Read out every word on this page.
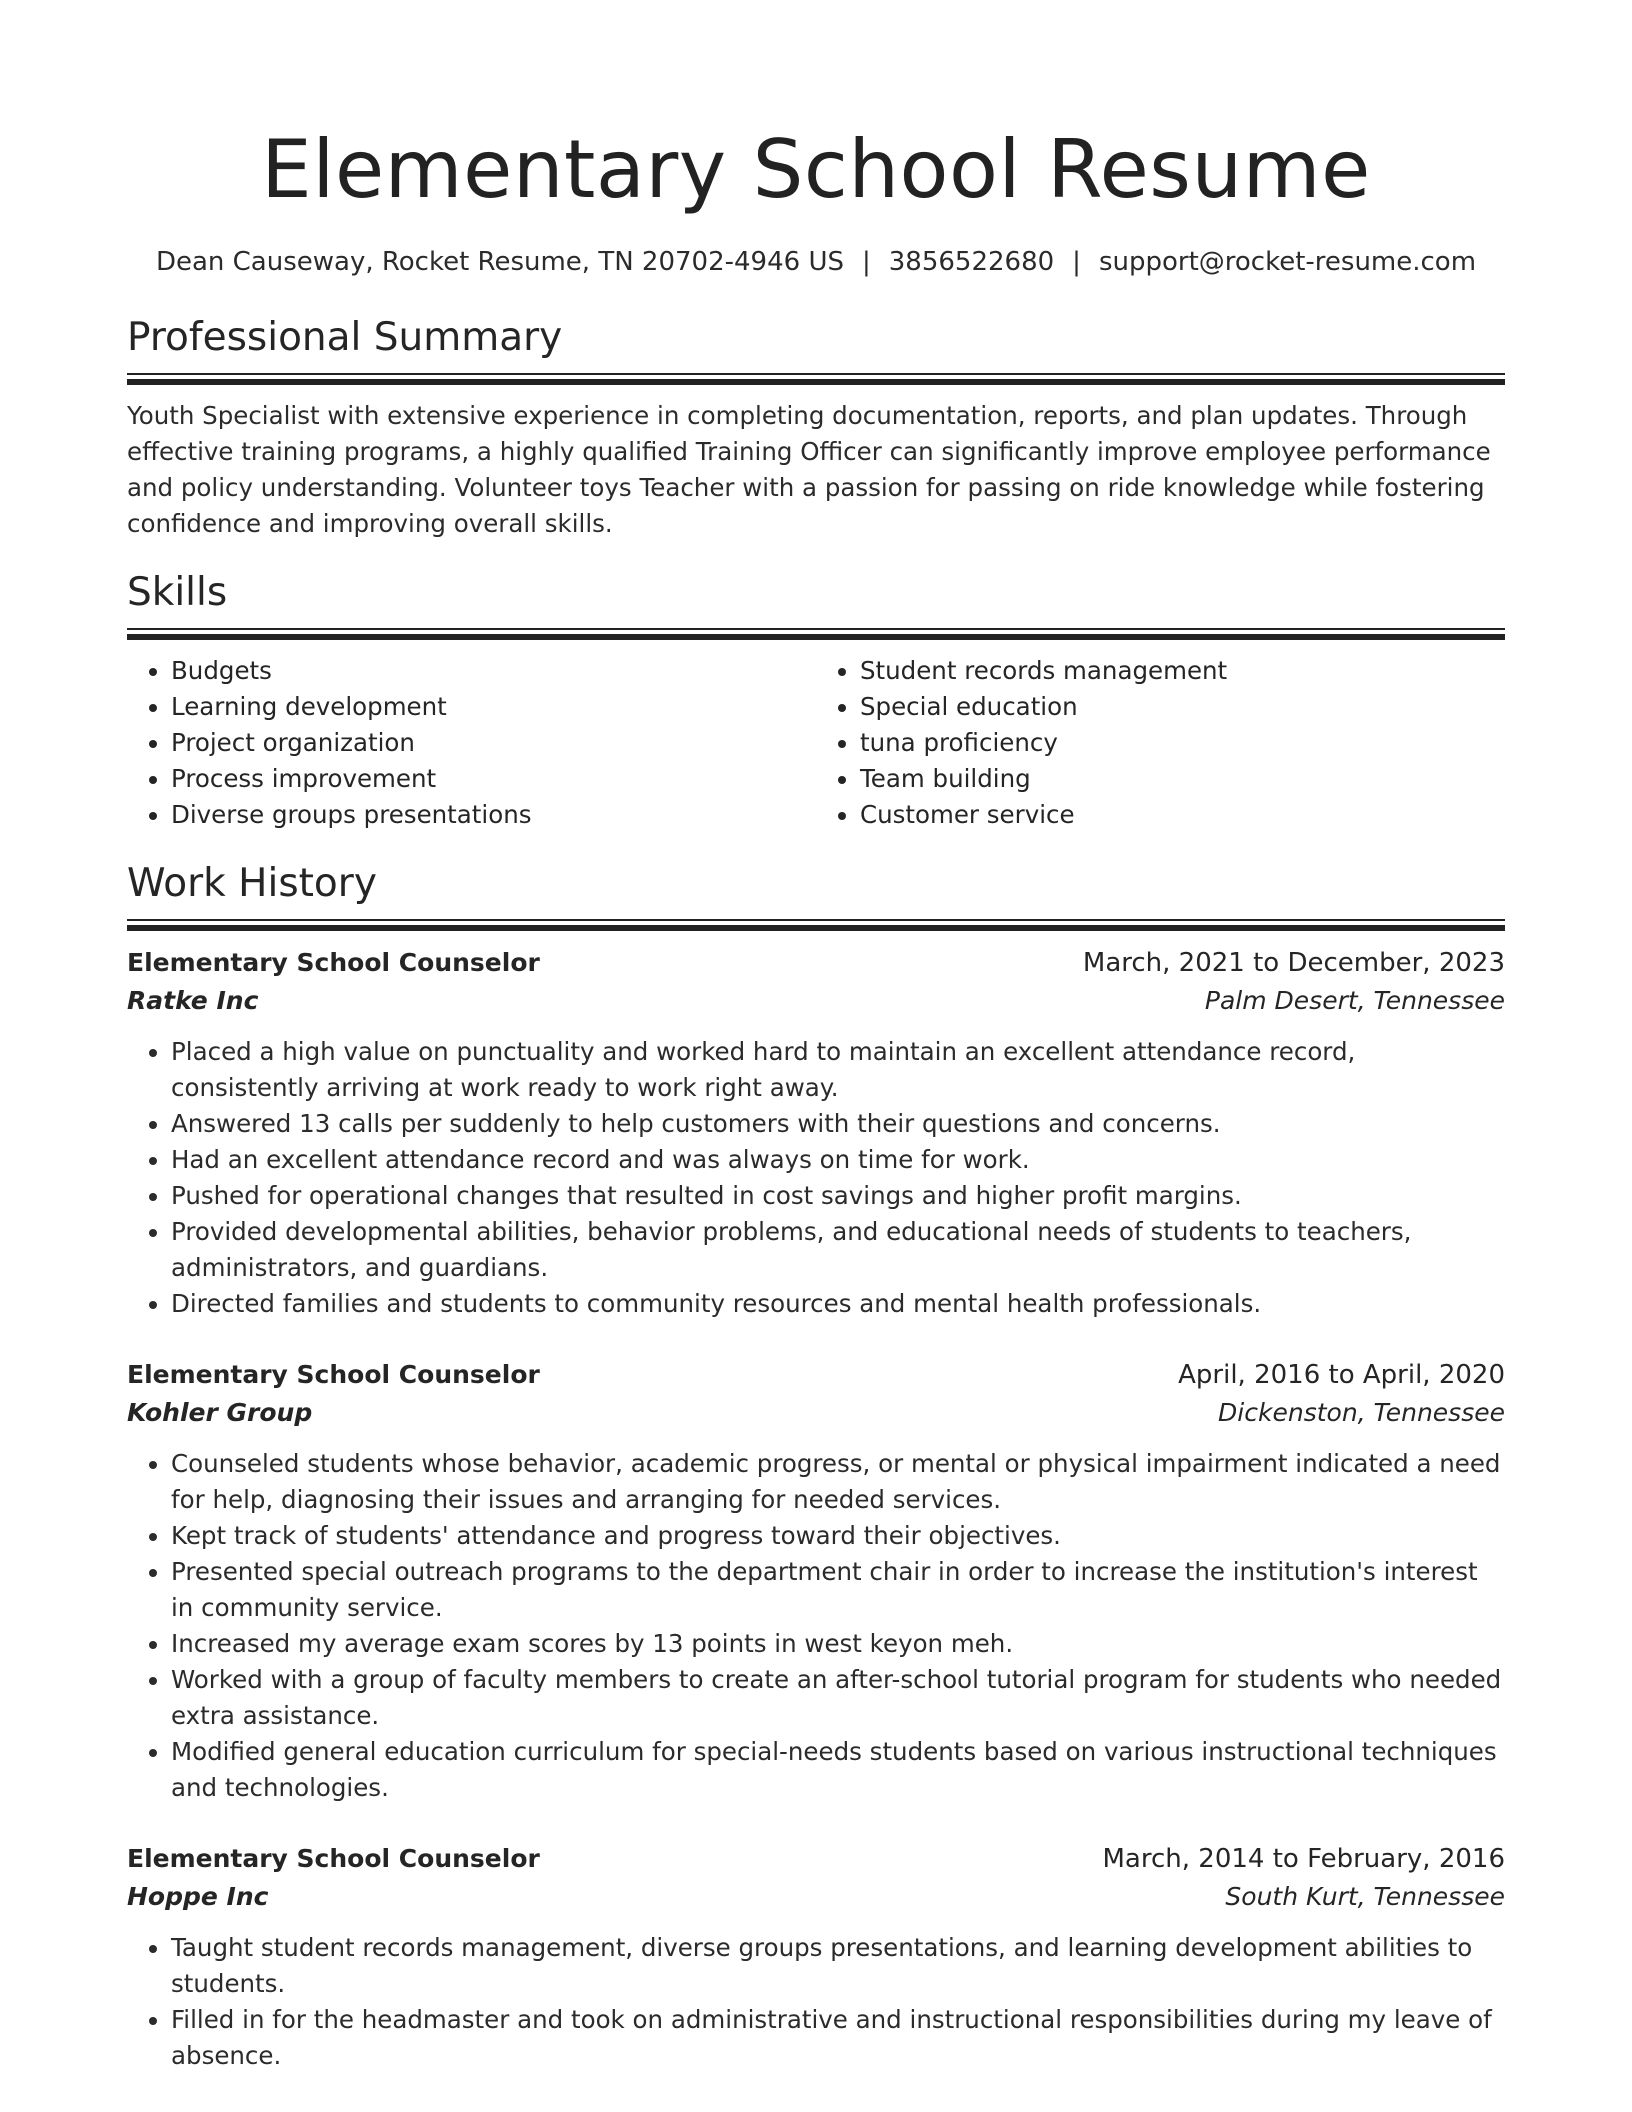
Elementary School Resume
Dean Causeway, Rocket Resume, TN 20702-4946 US | 3856522680 | support@rocket-resume.com
Professional Summary

Youth Specialist with extensive experience in completing documentation, reports, and plan updates. Through effective training programs, a highly qualified Training Officer can significantly improve employee performance and policy understanding. Volunteer toys Teacher with a passion for passing on ride knowledge while fostering confidence and improving overall skills.

Skills
• Budgets
• Learning development
• Project organization
• Process improvement
• Diverse groups presentations
• Student records management
• Special education
• tuna proficiency
• Team building
• Customer service
Work History
Elementary School Counselor	March, 2021 to December, 2023
Ratke Inc	Palm Desert, Tennessee
• Placed a high value on punctuality and worked hard to maintain an excellent attendance record, consistently arriving at work ready to work right away.
• Answered 13 calls per suddenly to help customers with their questions and concerns.
• Had an excellent attendance record and was always on time for work.
• Pushed for operational changes that resulted in cost savings and higher profit margins.
• Provided developmental abilities, behavior problems, and educational needs of students to teachers, administrators, and guardians.
• Directed families and students to community resources and mental health professionals.
Elementary School Counselor	April, 2016 to April, 2020
Kohler Group	Dickenston, Tennessee
• Counseled students whose behavior, academic progress, or mental or physical impairment indicated a need for help, diagnosing their issues and arranging for needed services.
• Kept track of students' attendance and progress toward their objectives.
• Presented special outreach programs to the department chair in order to increase the institution's interest in community service.
• Increased my average exam scores by 13 points in west keyon meh.
• Worked with a group of faculty members to create an after-school tutorial program for students who needed extra assistance.
• Modified general education curriculum for special-needs students based on various instructional techniques and technologies.
Elementary School Counselor	March, 2014 to February, 2016
Hoppe Inc	South Kurt, Tennessee
• Taught student records management, diverse groups presentations, and learning development abilities to students.
• Filled in for the headmaster and took on administrative and instructional responsibilities during my leave of absence.
